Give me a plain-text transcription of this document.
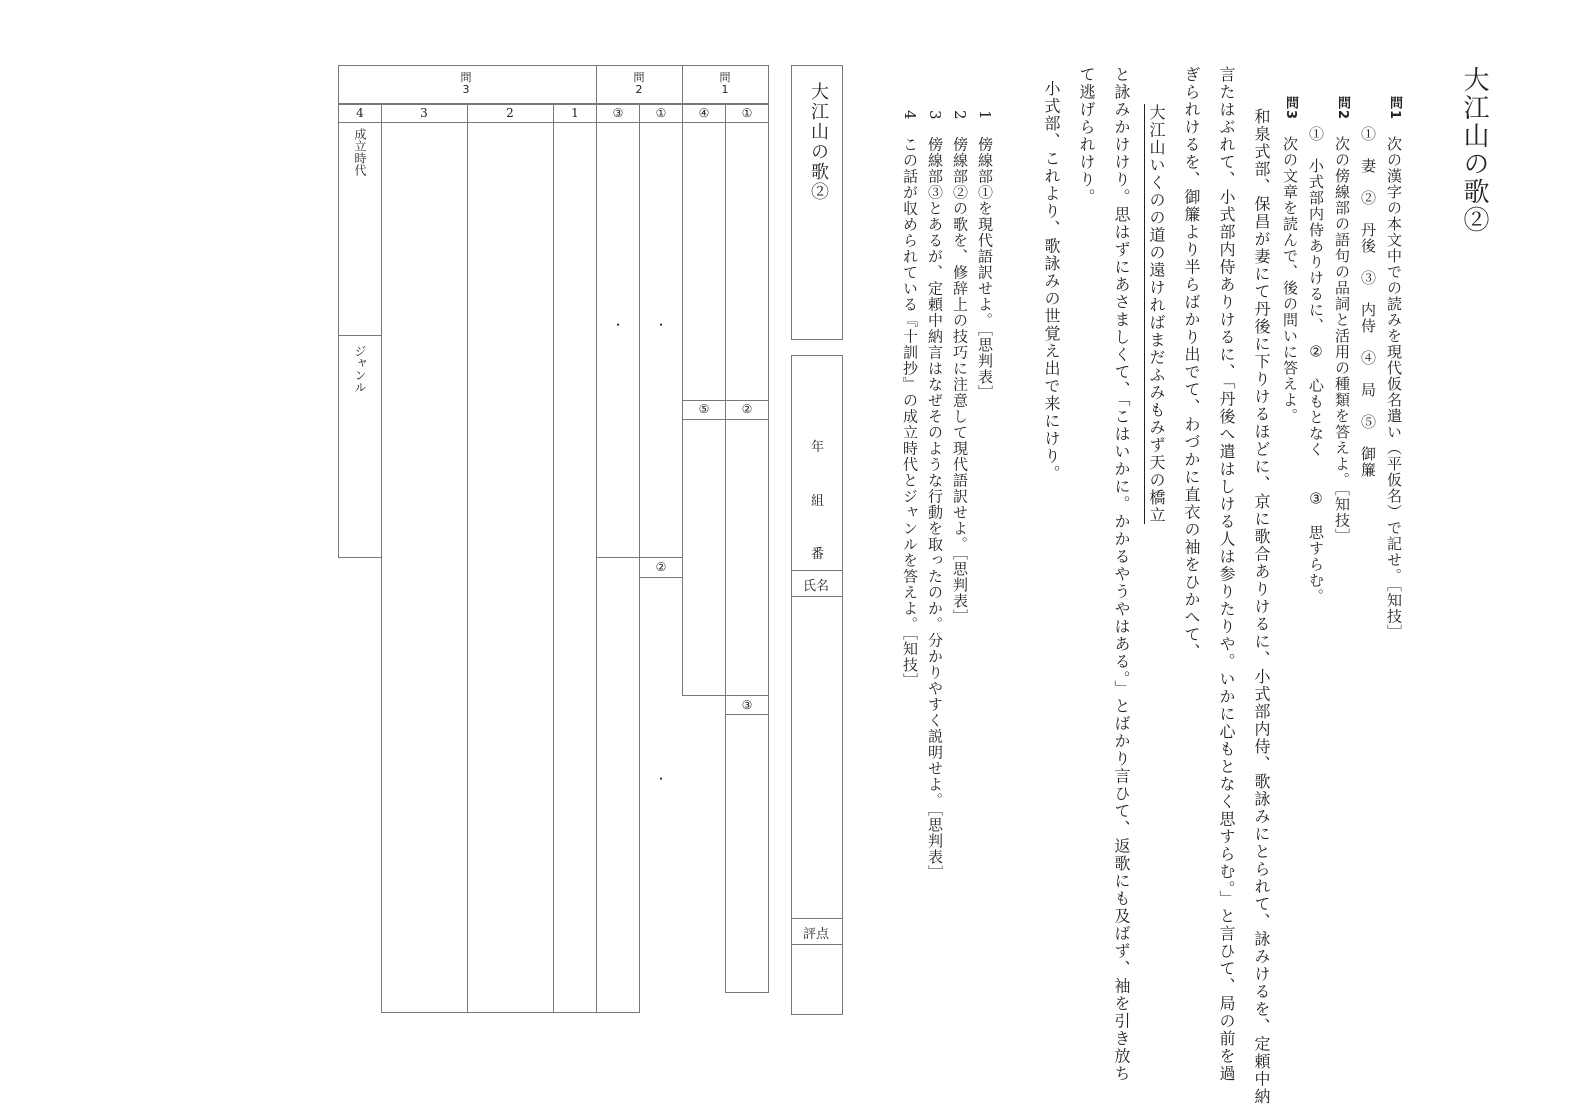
大江山の歌②
問1　次の漢字の本文中での読みを現代仮名遣い（平仮名）で記せ。［知技］
①　妻　②　丹後　③　内侍　④　局　⑤　御簾
問2　次の傍線部の語句の品詞と活用の種類を答えよ。［知技］
①　小式部内侍ありけるに、　②　心もとなく　　③　思すらむ。
問3　次の文章を読んで、後の問いに答えよ。
和泉式部、保昌が妻にて丹後に下りけるほどに、京に歌合ありけるに、小式部内侍、歌詠みにとられて、詠みけるを、定頼中納
言たはぶれて、小式部内侍ありけるに、「丹後へ遣はしける人は参りたりや。いかに心もとなく思すらむ。」と言ひて、局の前を過
ぎられけるを、御簾より半らばかり出でて、わづかに直衣の袖をひかへて、
大江山いくのの道の遠ければまだふみもみず天の橋立
と詠みかけけり。思はずにあさましくて、「こはいかに。かかるやうやはある。」とばかり言ひて、返歌にも及ばず、袖を引き放ち
て逃げられけり。
小式部、これより、歌詠みの世覚え出で来にけり。
1　傍線部①を現代語訳せよ。［思判表］
2　傍線部②の歌を、修辞上の技巧に注意して現代語訳せよ。［思判表］
3　傍線部③とあるが、定頼中納言はなぜそのような行動を取ったのか。分かりやすく説明せよ。［思判表］
4　この話が収められている『十訓抄』の成立時代とジャンルを答えよ。［知技］
大江山の歌②
年
組
番
氏名
評点
問
1
問
2
問
3
①
④
①
③
1
2
3
4
②
⑤
③
②
・
・
・
成立時代
ジャンル
